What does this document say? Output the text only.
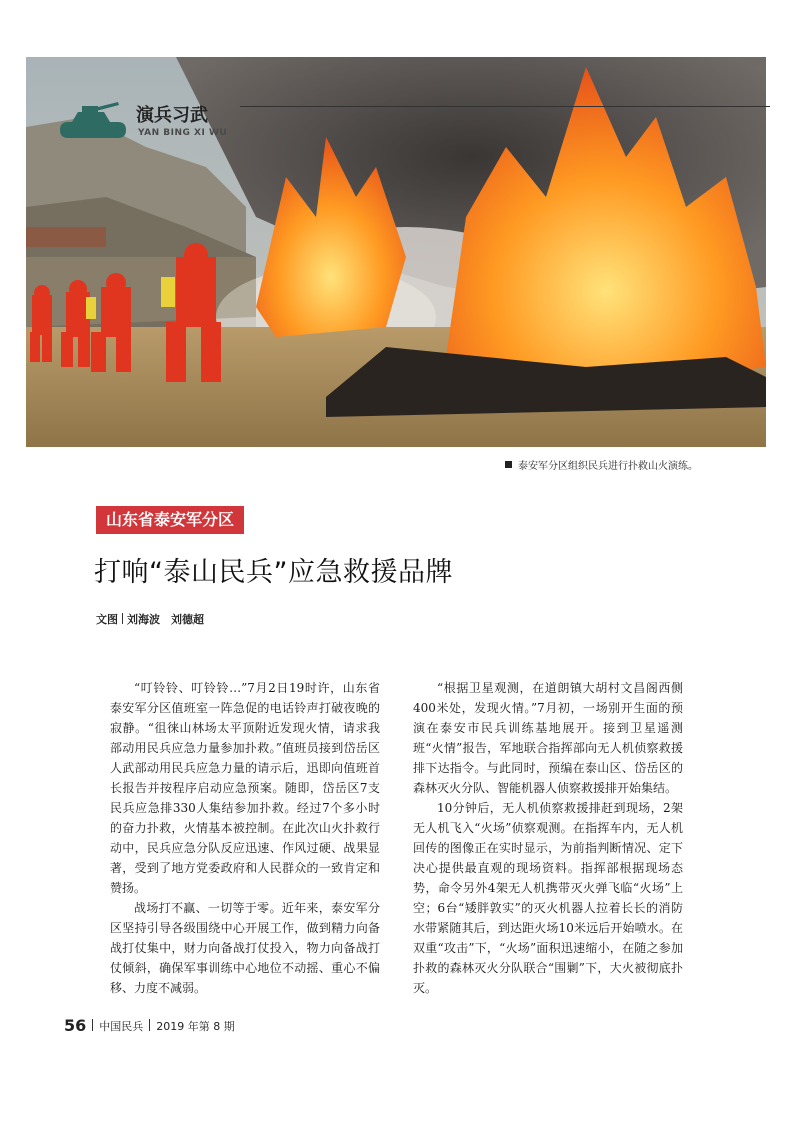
演兵习武
YAN BING XI WU
泰安军分区组织民兵进行扑救山火演练。
山东省泰安军分区
打响“泰山民兵”应急救援品牌
文图 刘海波　刘德超

“叮铃铃、叮铃铃…”7月2日19时许，山东省泰安军分区值班室一阵急促的电话铃声打破夜晚的寂静。“徂徕山林场太平顶附近发现火情，请求我部动用民兵应急力量参加扑救。”值班员接到岱岳区人武部动用民兵应急力量的请示后，迅即向值班首长报告并按程序启动应急预案。随即，岱岳区7支民兵应急排330人集结参加扑救。经过7个多小时的奋力扑救，火情基本被控制。在此次山火扑救行动中，民兵应急分队反应迅速、作风过硬、战果显著，受到了地方党委政府和人民群众的一致肯定和赞扬。

战场打不赢、一切等于零。近年来，泰安军分区坚持引导各级围绕中心开展工作，做到精力向备战打仗集中，财力向备战打仗投入，物力向备战打仗倾斜，确保军事训练中心地位不动摇、重心不偏移、力度不减弱。

“根据卫星观测，在道朗镇大胡村文昌阁西侧400米处，发现火情。”7月初，一场别开生面的预演在泰安市民兵训练基地展开。接到卫星遥测班“火情”报告，军地联合指挥部向无人机侦察救援排下达指令。与此同时，预编在泰山区、岱岳区的森林灭火分队、智能机器人侦察救援排开始集结。

10分钟后，无人机侦察救援排赶到现场，2架无人机飞入“火场”侦察观测。在指挥车内，无人机回传的图像正在实时显示，为前指判断情况、定下决心提供最直观的现场资料。指挥部根据现场态势，命令另外4架无人机携带灭火弹飞临“火场”上空；6台“矮胖敦实”的灭火机器人拉着长长的消防水带紧随其后，到达距火场10米远后开始喷水。在双重“攻击”下，“火场”面积迅速缩小，在随之参加扑救的森林灭火分队联合“围剿”下，大火被彻底扑灭。

56 中国民兵 2019 年第 8 期
